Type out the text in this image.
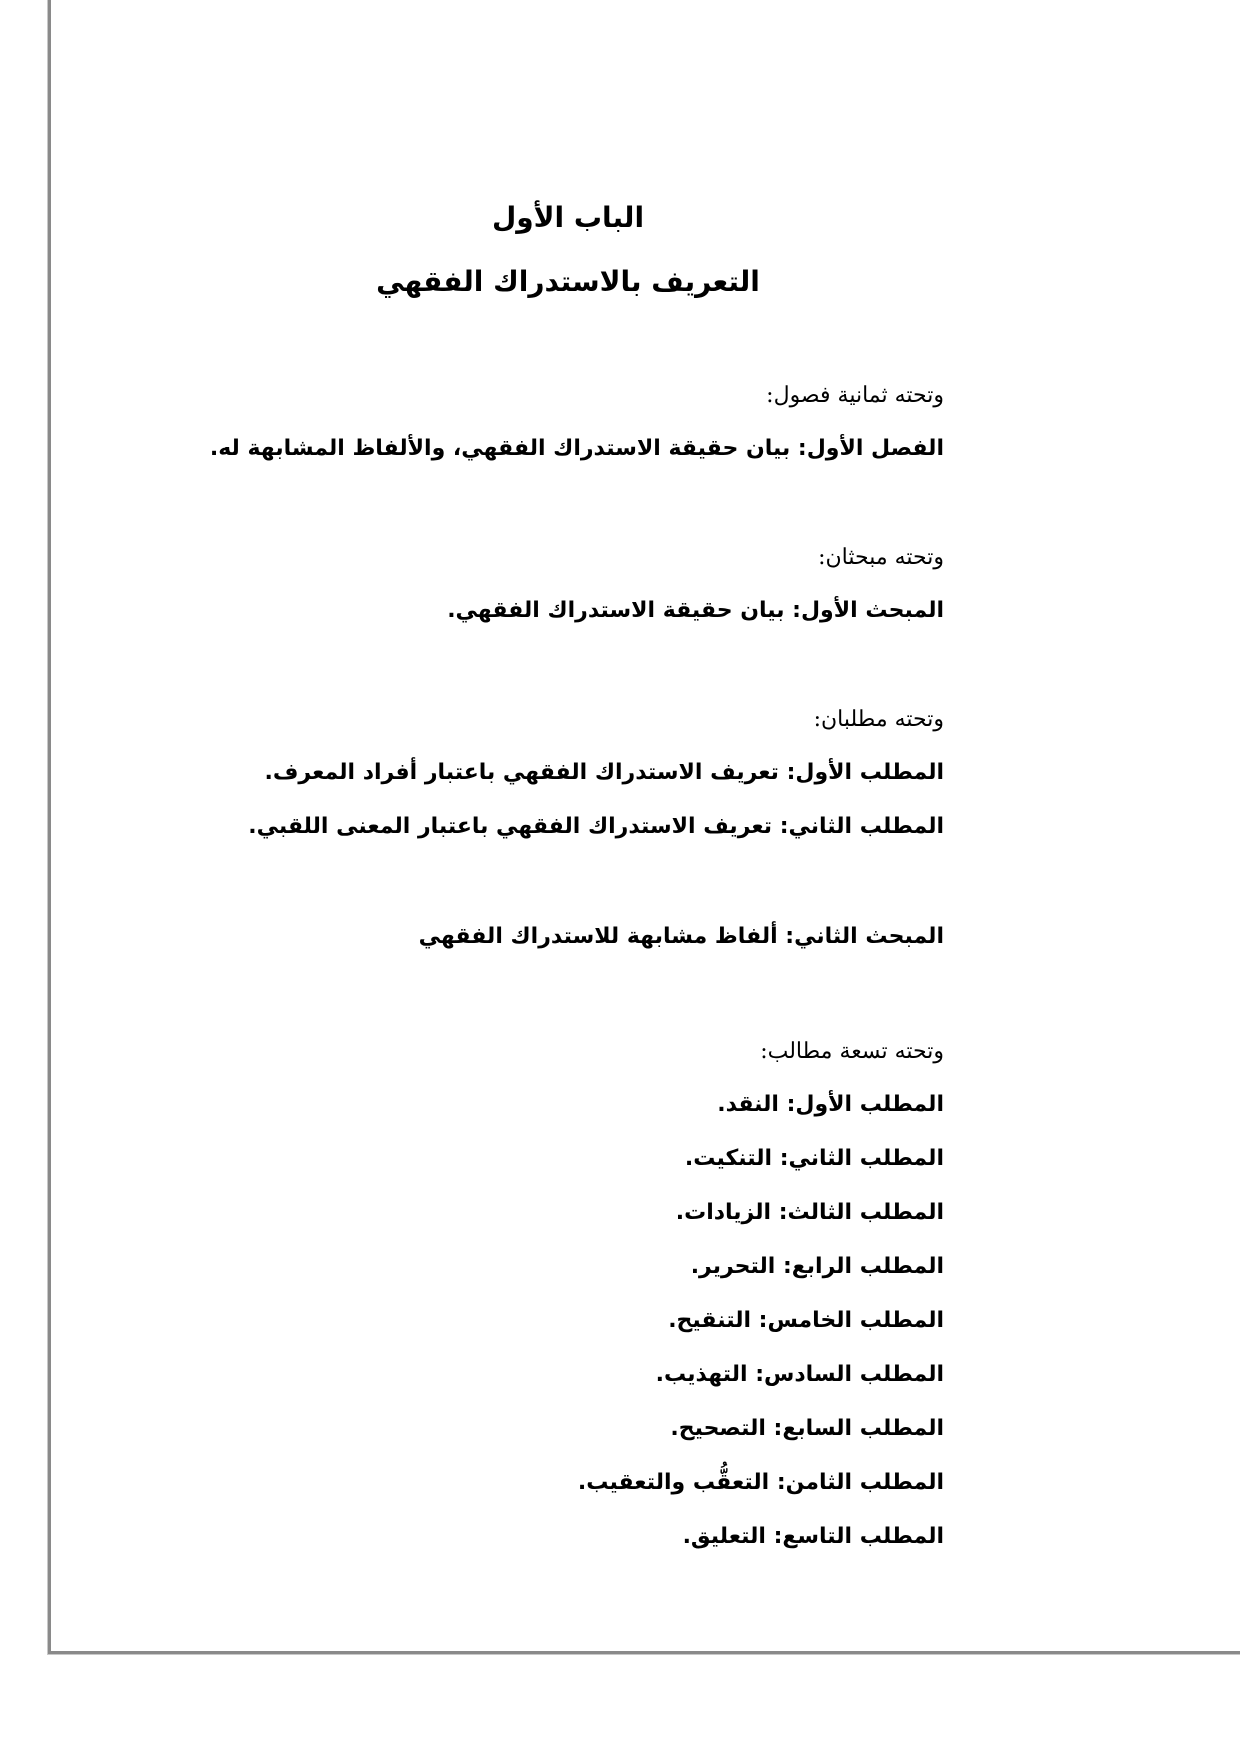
الباب الأول

التعريف بالاستدراك الفقهي

وتحته ثمانية فصول:

الفصل الأول: بيان حقيقة الاستدراك الفقهي، والألفاظ المشابهة له.

وتحته مبحثان:

المبحث الأول: بيان حقيقة الاستدراك الفقهي.

وتحته مطلبان:

المطلب الأول: تعريف الاستدراك الفقهي باعتبار أفراد المعرف.

المطلب الثاني: تعريف الاستدراك الفقهي باعتبار المعنى اللقبي.

المبحث الثاني: ألفاظ مشابهة للاستدراك الفقهي

وتحته تسعة مطالب:

المطلب الأول: النقد.

المطلب الثاني: التنكيت.

المطلب الثالث: الزيادات.

المطلب الرابع: التحرير.

المطلب الخامس: التنقيح.

المطلب السادس: التهذيب.

المطلب السابع: التصحيح.

المطلب الثامن: التعقُّب والتعقيب.

المطلب التاسع: التعليق.
